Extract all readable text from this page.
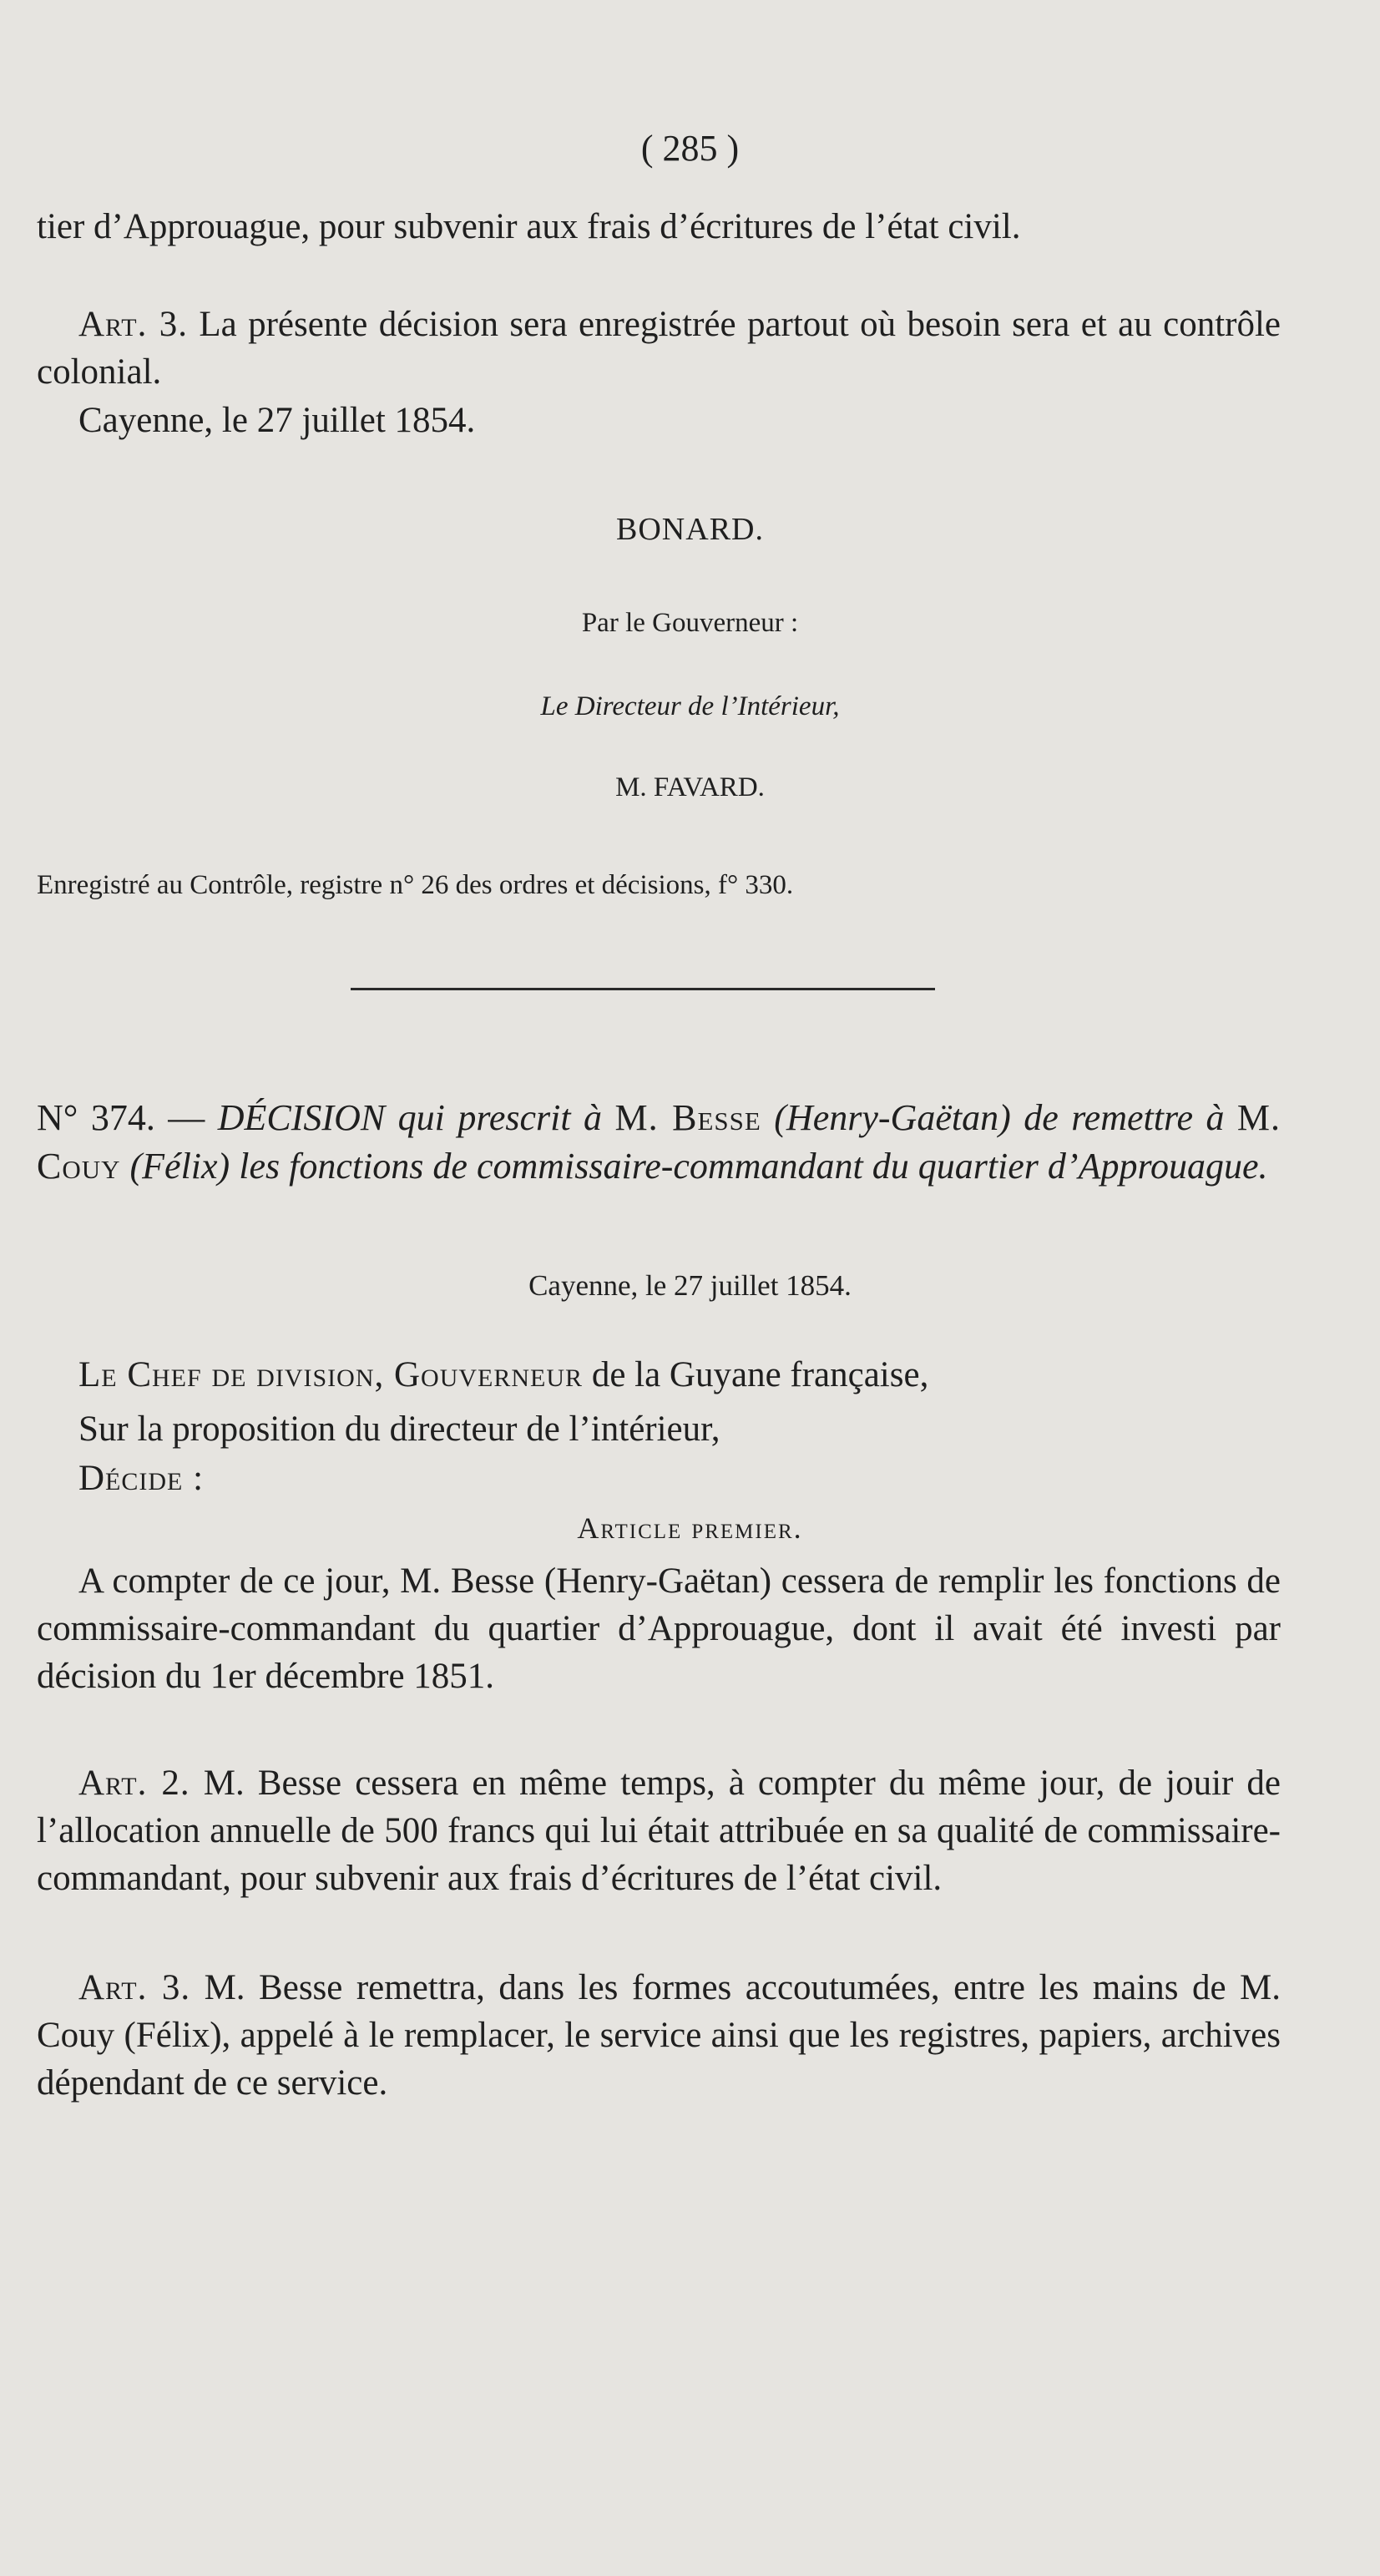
( 285 )

tier d’Approuague, pour subvenir aux frais d’écritures de l’état civil.

Art. 3. La présente décision sera enregistrée partout où besoin sera et au contrôle colonial.

Cayenne, le 27 juillet 1854.

BONARD.

Par le Gouverneur :

Le Directeur de l’Intérieur,

M. FAVARD.

Enregistré au Contrôle, registre n° 26 des ordres et décisions, f° 330.

N° 374. — DÉCISION qui prescrit à M. Besse (Henry-Gaëtan) de remettre à M. Couy (Félix) les fonctions de commissaire-commandant du quartier d’Approuague.

Cayenne, le 27 juillet 1854.

Le Chef de division, Gouverneur de la Guyane française,

Sur la proposition du directeur de l’intérieur,

Décide :

Article premier.

A compter de ce jour, M. Besse (Henry-Gaëtan) cessera de remplir les fonctions de commissaire-commandant du quartier d’Approuague, dont il avait été investi par décision du 1er décembre 1851.

Art. 2. M. Besse cessera en même temps, à compter du même jour, de jouir de l’allocation annuelle de 500 francs qui lui était attribuée en sa qualité de commissaire-commandant, pour subvenir aux frais d’écritures de l’état civil.

Art. 3. M. Besse remettra, dans les formes accoutumées, entre les mains de M. Couy (Félix), appelé à le remplacer, le service ainsi que les registres, papiers, archives dépendant de ce service.
